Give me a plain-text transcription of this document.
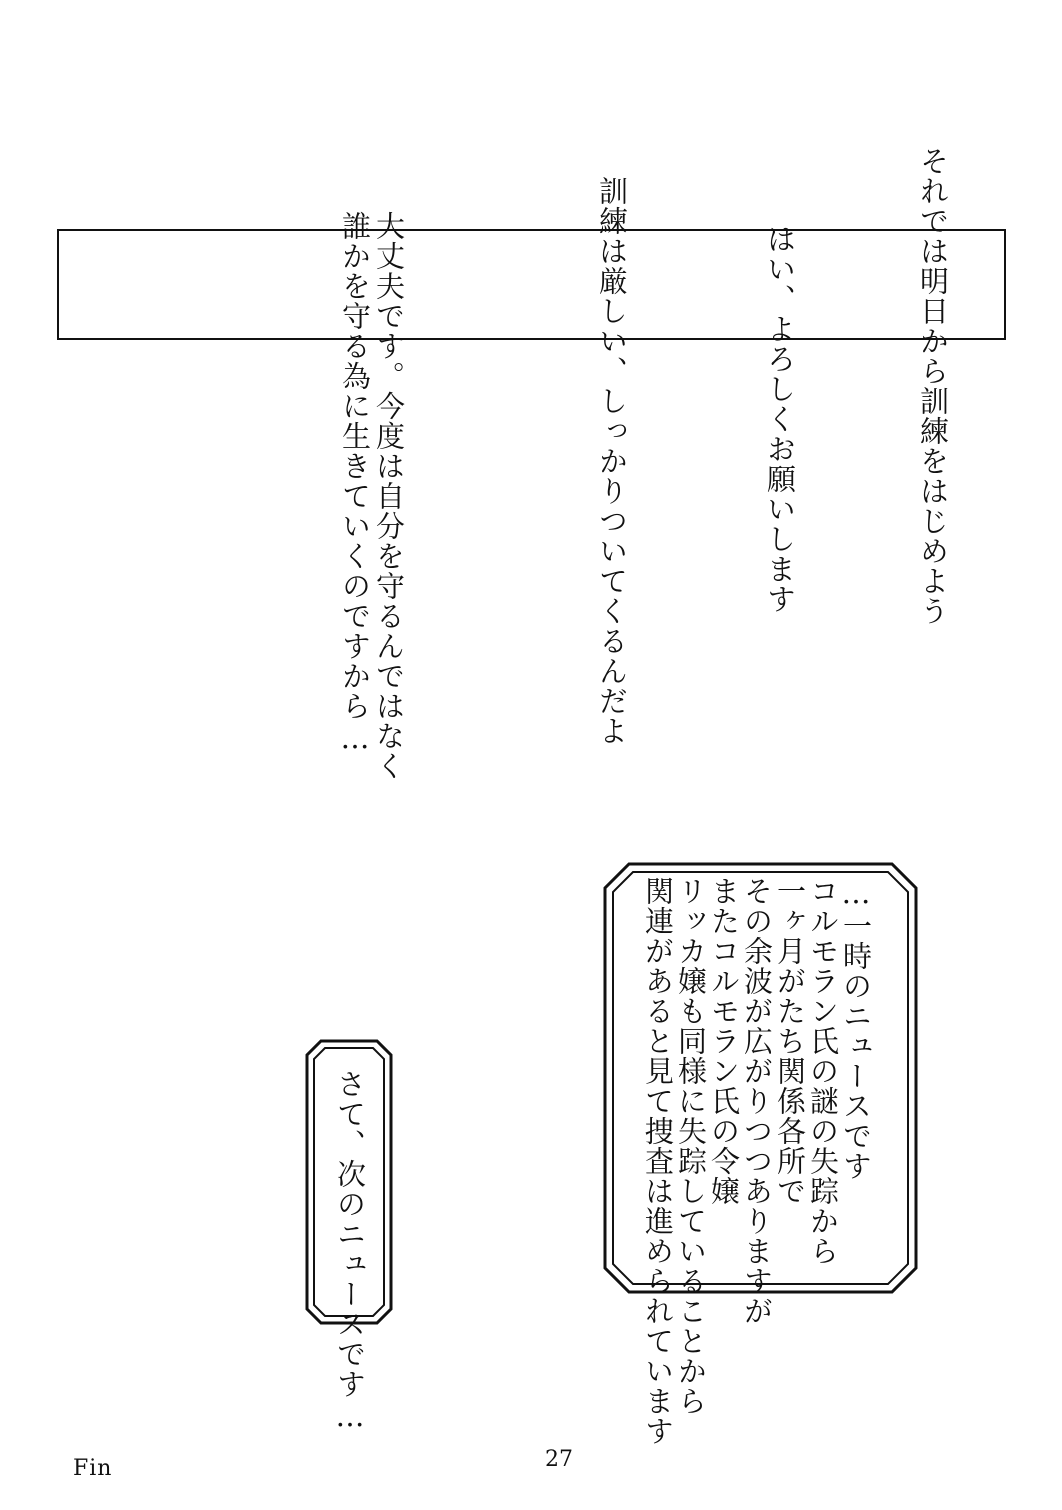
それでは明日から訓練をはじめよう

はい、よろしくお願いします

訓練は厳しい、しっかりついてくるんだよ

大丈夫です。今度は自分を守るんではなく

誰かを守る為に生きていくのですから…

…一時のニュースです
コルモラン氏の謎の失踪から
一ヶ月がたち関係各所で
その余波が広がりつつありますが
またコルモラン氏の令嬢
リッカ嬢も同様に失踪していることから
関連があると見て捜査は進められています

さて、次のニュースです…

Fin	27
